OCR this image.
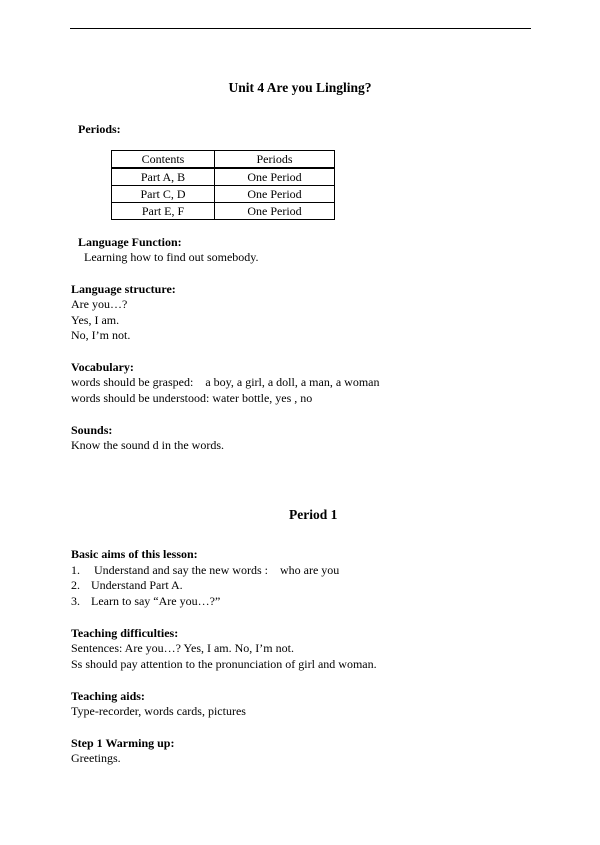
Unit 4 Are you Lingling?
Periods:
Contents	Periods
Part A, B	One Period
Part C, D	One Period
Part E, F	One Period
Language Function:
Learning how to find out somebody.
Language structure:
Are you…?
Yes, I am.
No, I’m not.
Vocabulary:
words should be grasped:    a boy, a girl, a doll, a man, a woman
words should be understood: water bottle, yes , no
Sounds:
Know the sound d in the words.
Period 1
Basic aims of this lesson:
1. Understand and say the new words :    who are you
2. Understand Part A.
3. Learn to say “Are you…?”
Teaching difficulties:
Sentences: Are you…? Yes, I am. No, I’m not.
Ss should pay attention to the pronunciation of girl and woman.
Teaching aids:
Type-recorder, words cards, pictures
Step 1 Warming up:
Greetings.
